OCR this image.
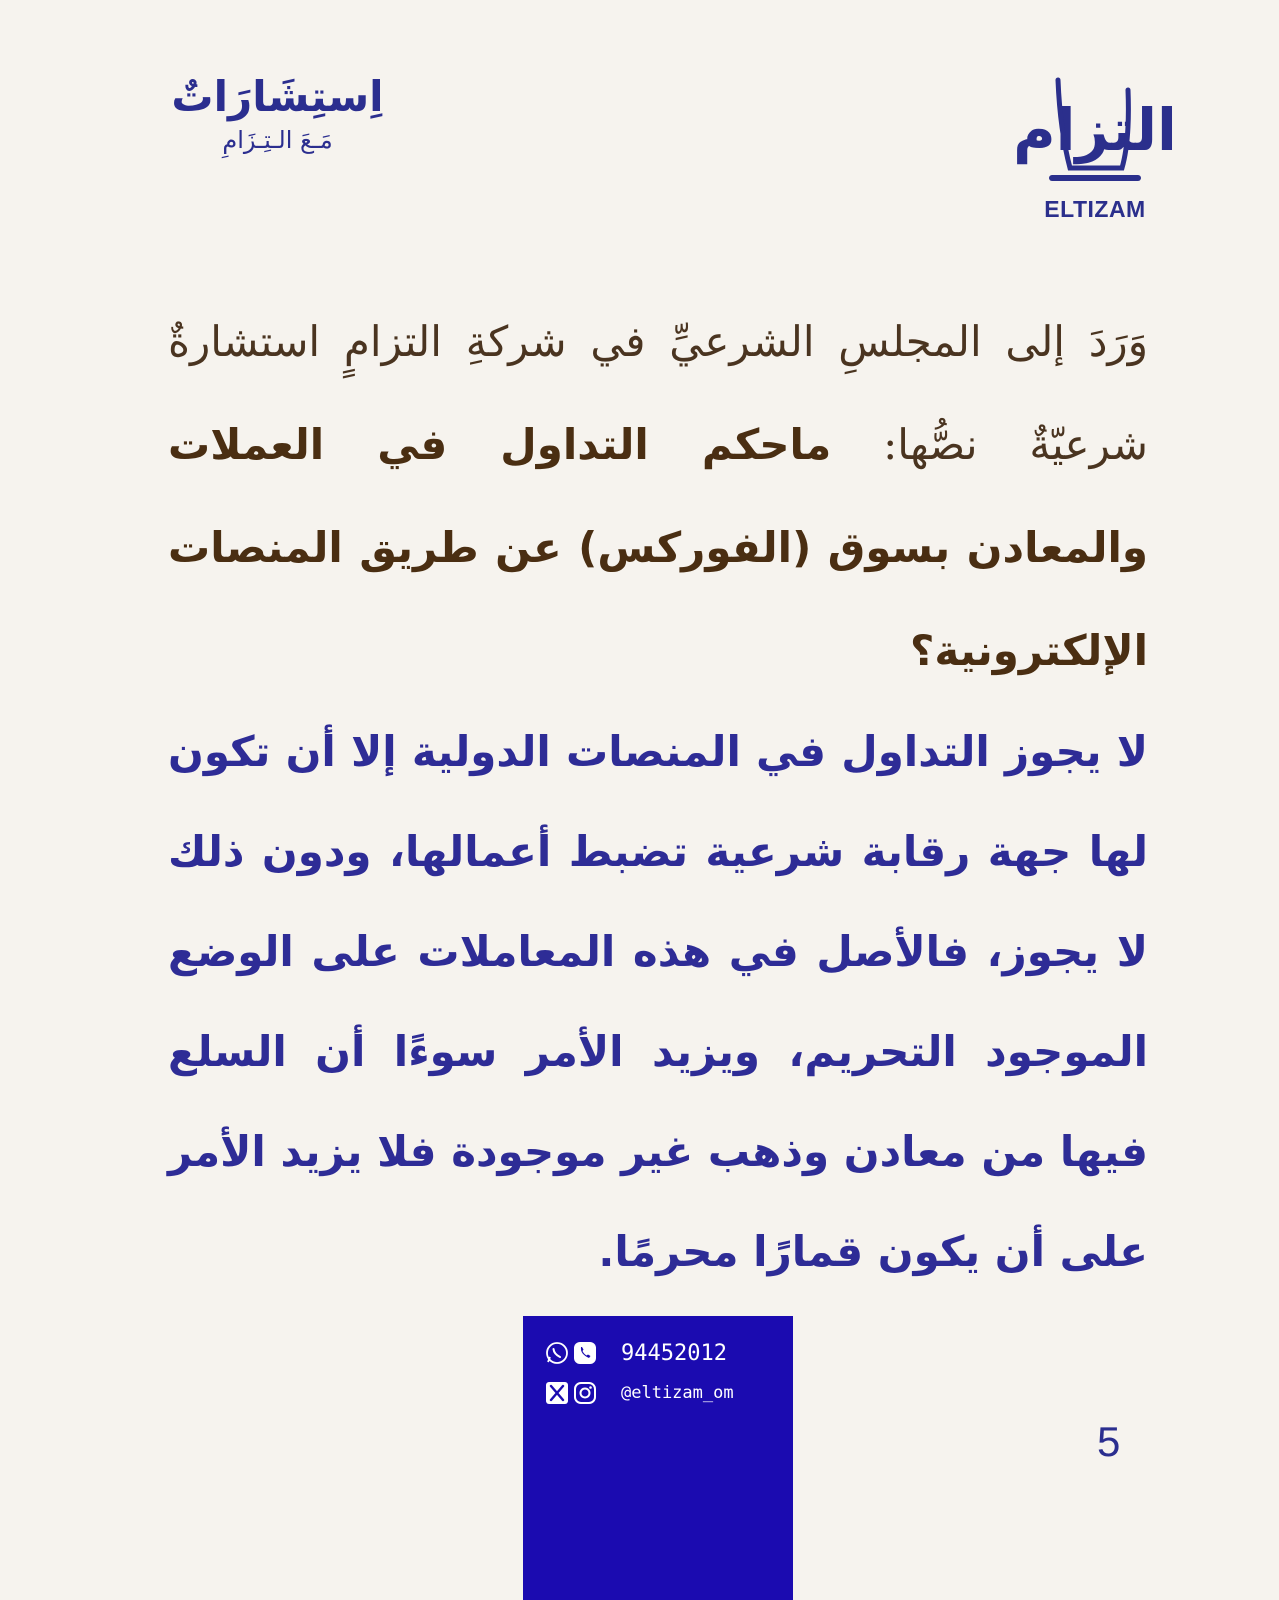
التزام
ELTIZAM
اِستِشَارَاتٌ
مَـعَ الـتِـزَامِ

وَرَدَ إلى المجلسِ الشرعيِّ في شركةِ التزامٍ استشارةٌ شرعيّةٌ نصُّها: ماحكم التداول في العملات والمعادن بسوق (الفوركس) عن طريق المنصات الإلكترونية؟

لا يجوز التداول في المنصات الدولية إلا أن تكون لها جهة رقابة شرعية تضبط أعمالها، ودون ذلك لا يجوز، فالأصل في هذه المعاملات على الوضع الموجود التحريم، ويزيد الأمر سوءًا أن السلع فيها من معادن وذهب غير موجودة فلا يزيد الأمر على أن يكون قمارًا محرمًا.

94452012
@eltizam_om
5
